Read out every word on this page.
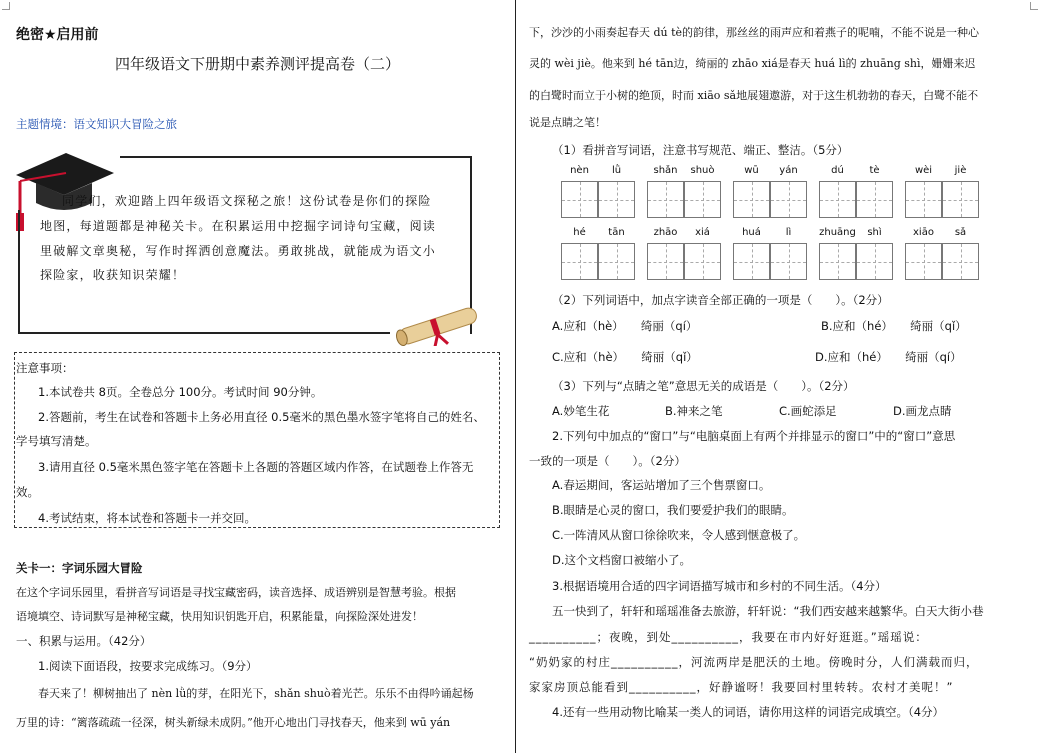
绝密★启用前
四年级语文下册期中素养测评提高卷（二）
主题情境：语文知识大冒险之旅
同学们，欢迎踏上四年级语文探秘之旅！这份试卷是你们的探险
地图，每道题都是神秘关卡。在积累运用中挖掘字词诗句宝藏，阅读
里破解文章奥秘，写作时挥洒创意魔法。勇敢挑战，就能成为语文小
探险家，收获知识荣耀！
注意事项：
1.本试卷共 8页。全卷总分 100分。考试时间 90分钟。
2.答题前，考生在试卷和答题卡上务必用直径 0.5毫米的黑色墨水签字笔将自己的姓名、
学号填写清楚。
3.请用直径 0.5毫米黑色签字笔在答题卡上各题的答题区域内作答，在试题卷上作答无
效。
4.考试结束，将本试卷和答题卡一并交回。
关卡一：字词乐园大冒险
在这个字词乐园里，看拼音写词语是寻找宝藏密码，读音选择、成语辨别是智慧考验。根据
语境填空、诗词默写是神秘宝藏，快用知识钥匙开启，积累能量，向探险深处进发！
一、积累与运用。（42分）
1.阅读下面语段，按要求完成练习。（9分）
春天来了！柳树抽出了 nèn lǜ的芽，在阳光下，shǎn shuò着光芒。乐乐不由得吟诵起杨
万里的诗：“篱落疏疏一径深，树头新绿未成阴。”他开心地出门寻找春天，他来到 wū yán
下，沙沙的小雨奏起春天 dú tè的韵律，那丝丝的雨声应和着燕子的呢喃，不能不说是一种心
灵的 wèi jiè。他来到 hé tān边，绮丽的 zhāo xiá是春天 huá lì的 zhuāng shì，姗姗来迟
的白鹭时而立于小树的绝顶，时而 xiāo sǎ地展翅遨游，对于这生机勃勃的春天，白鹭不能不
说是点睛之笔！
（1）看拼音写词语，注意书写规范、端正、整洁。（5分）
nèn	lǜ	shǎn	shuò	wū	yán	dú	tè	wèi	jiè
hé	tān	zhāo	xiá	huá	lì	zhuāng	shì	xiāo	sǎ
（2）下列词语中，加点字读音全部正确的一项是（　　）。（2分）
A.应和（hè）　　绮丽（qí）	B.应和（hé）　　绮丽（qǐ）
C.应和（hè）　　绮丽（qǐ）	D.应和（hé）　　绮丽（qí）
（3）下列与“点睛之笔”意思无关的成语是（　　）。（2分）
A.妙笔生花	B.神来之笔	C.画蛇添足	D.画龙点睛
2.下列句中加点的“窗口”与“电脑桌面上有两个并排显示的窗口”中的“窗口”意思
一致的一项是（　　）。（2分）
A.春运期间，客运站增加了三个售票窗口。
B.眼睛是心灵的窗口，我们要爱护我们的眼睛。
C.一阵清风从窗口徐徐吹来，令人感到惬意极了。
D.这个文档窗口被缩小了。
3.根据语境用合适的四字词语描写城市和乡村的不同生活。（4分）
五一快到了，轩轩和瑶瑶准备去旅游，轩轩说：“我们西安越来越繁华。白天大街小巷
__________；夜晚，到处__________，我要在市内好好逛逛。”瑶瑶说：
“奶奶家的村庄__________，河流两岸是肥沃的土地。傍晚时分，人们满载而归，
家家房顶总能看到__________，好静谧呀！我要回村里转转。农村才美呢！”
4.还有一些用动物比喻某一类人的词语，请你用这样的词语完成填空。（4分）
